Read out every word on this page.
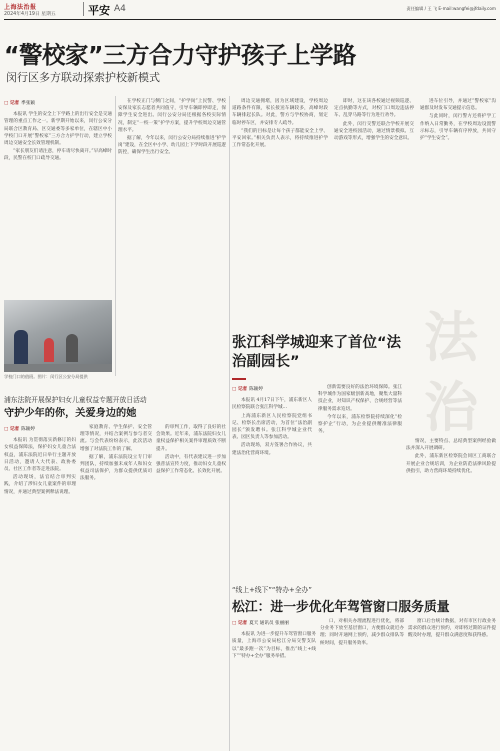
上海法治报
2024年4月19日 星期五	平安 A4	责任编辑 / 王 飞 E-mail:wangfei@jfdaily.com
“警校家”三方合力守护孩子上学路
闵行区多方联动探索护校新模式
□ 记者 季张颖

本报讯 学生的安全上下学路上的出行安全是交通管理的重点工作之一。新学期开始以来，闵行公安分局联合区教育局、区交通委等多家单位，在辖区中小学校门口开展“警校家”三方合力护学行动，建立学校周边交通安全长效管理机制。

“家长朋友们请注意，停车请尽快离开。”早高峰时段，民警在校门口疏导交通。

在学校正门与侧门之间，“护学岗”上民警、学校安保及家长志愿者共同值守，引导车辆即停即走，保障学生安全进出。闵行公安分局还根据各校实际情况，制定“一校一策”护学方案，提升学校周边交通管理水平。

据了解，今年以来，闵行公安分局持续推进“护学岗”建设，在全区中小学、幼儿园上下学时段开展巡逻防控，确保学生出行安全。

周边交通拥堵，因为区域建设，学校周边道路条件有限，家长接送车辆较多，高峰时段车辆排起长队。对此，警方与学校协商，划定临时停车区，并安排专人疏导。

“我们的目标是让每个孩子都能安全上学、平安回家。”相关负责人表示，将持续推进护学工作常态化开展。

即时，这在该各校通过视频巡逻、定点执勤等方式，对校门口周边违法停车、乱穿马路等行为进行劝导。

此外，闵行交警还联合学校开展交通安全进校园活动，通过情景模拟、互动游戏等形式，增强学生的安全意识。

进车位引导，并通过“警校家”沟通群及时发布交通提示信息。

与此同时，闵行警方还将护学工作纳入日常勤务，在学校周边设置警示标志，引导车辆有序停放，共同守护“学生安全”。

学校门口的值班。图片：闵行区公安分局提供
法治
张江科学城迎来了首位“法治副园长”
□ 记者 陈颖婷

本报讯 4月17日下午，浦东新区人民检察院联合张江科学城…

上海浦东新区人民检察院党组书记、检察长出席活动，为首位“法治副园长”颁发聘书。张江科学城企业代表、园区负责人等参加活动。

活动现场，双方签署合作协议，共建法治化营商环境。

创新需要良好的法治环境保障。张江科学城作为国家级创新高地，聚集大量科技企业，对知识产权保护、合规经营等法律服务需求迫切。

今年以来，浦东检察院持续深化“检察护企”行动，为企业提供精准法律服务。

情况，主要特点、总结典型案例经验做法并深入开展调研。

此外，浦东新区检察院会同区工商联合开展企业合规培训，为企业防范法律风险提供指引，助力营商环境持续优化。

浦东法院开展保护妇女儿童权益专题开放日活动
守护少年的你，关爱身边的她
□ 记者 陈颖婷

本报讯 为贯彻落实新修订的妇女权益保障法，保护妇女儿童合法权益，浦东法院近日举行主题开放日活动，邀请人大代表、政协委员、社区工作者等走进法院。

活动现场，法官结合审判实践，介绍了涉妇女儿童案件的审理情况，并通过典型案例释法说理。

家庭教育、学生保护、安全管理等情况，并结合案例与参与者交流。与会代表纷纷表示，此次活动增强了对法院工作的了解。

据了解，浦东法院设立专门审判团队，持续加强未成年人和妇女权益司法保护，为群众提供优质司法服务。

的审判工作，取得了良好的社会效果。近年来，浦东法院妇女儿童权益保护相关案件审理质效不断提升。

活动中，有代表建议进一步加强普法宣传力度，推动妇女儿童权益保护工作常态化、长效化开展。

“线上+线下”“特办+全办”
松江：进一步优化年驾管窗口服务质量
□ 记者 夏天 通讯员 张丽丽

本报讯 为进一步提升车驾管窗口服务质量，上海市公安局松江分局交警支队以“最多跑一次”为目标，推出“线上+线下”“特办+全办”服务举措。

口，对相关办理流程进行优化，将部分业务下放至基层窗口，方便群众就近办理；同时开通网上预约，减少群众排队等候时间，提升服务效率。

窗口后台统计数据，对有市区行政业务需求的群众进行预约，对即将过期的证件提醒及时办理，提升群众满意度和获得感。
